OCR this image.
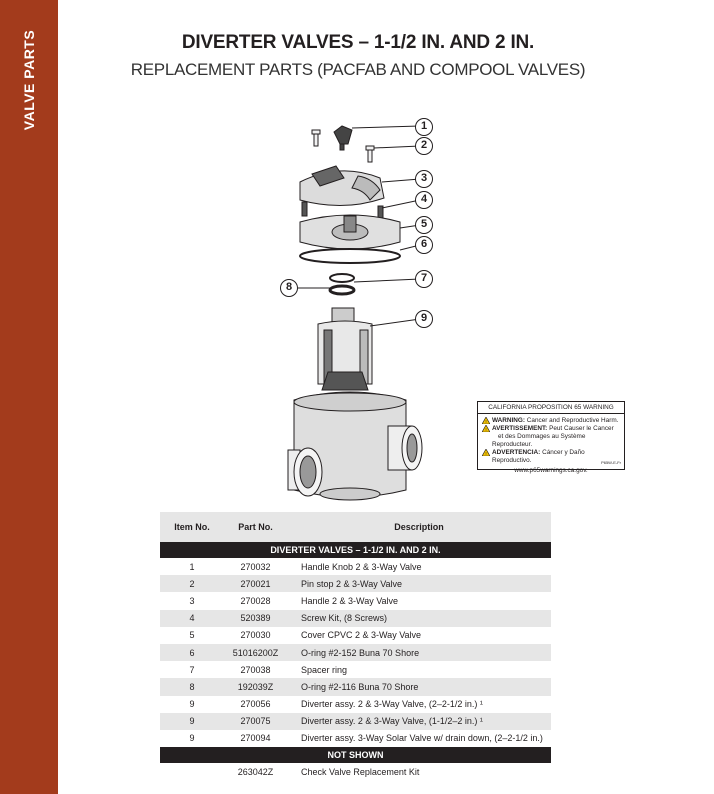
VALVE PARTS	DIVERTER VALVES – 1-1/2 IN. AND 2 IN.
REPLACEMENT PARTS (PACFAB AND COMPOOL VALVES)
1
2
3
4
5
6
7
8
9
CALIFORNIA PROPOSITION 65 WARNING
! WARNING: Cancer and Reproductive Harm.
! AVERTISSEMENT: Peut Causer le Cancer
et des Dommages au Système Reproducteur.
! ADVERTENCIA: Cáncer y Daño Reproductivo.
www.p65warnings.ca.gov.
P65W-E-Fr
Item No.	Part No.	Description
DIVERTER VALVES – 1-1/2 IN. AND 2 IN.		
1	270032	Handle Knob 2 & 3-Way Valve
2	270021	Pin stop 2 & 3-Way Valve
3	270028	Handle 2 & 3-Way Valve
4	520389	Screw Kit, (8 Screws)
5	270030	Cover CPVC 2 & 3-Way Valve
6	51016200Z	O-ring #2-152 Buna 70 Shore
7	270038	Spacer ring
8	192039Z	O-ring #2-116 Buna 70 Shore
9	270056	Diverter assy. 2 & 3-Way Valve, (2–2-1/2 in.) ¹
9	270075	Diverter assy. 2 & 3-Way Valve, (1-1/2–2 in.) ¹
9	270094	Diverter assy. 3-Way Solar Valve w/ drain down, (2–2-1/2 in.)
NOT SHOWN		
	263042Z	Check Valve Replacement Kit
